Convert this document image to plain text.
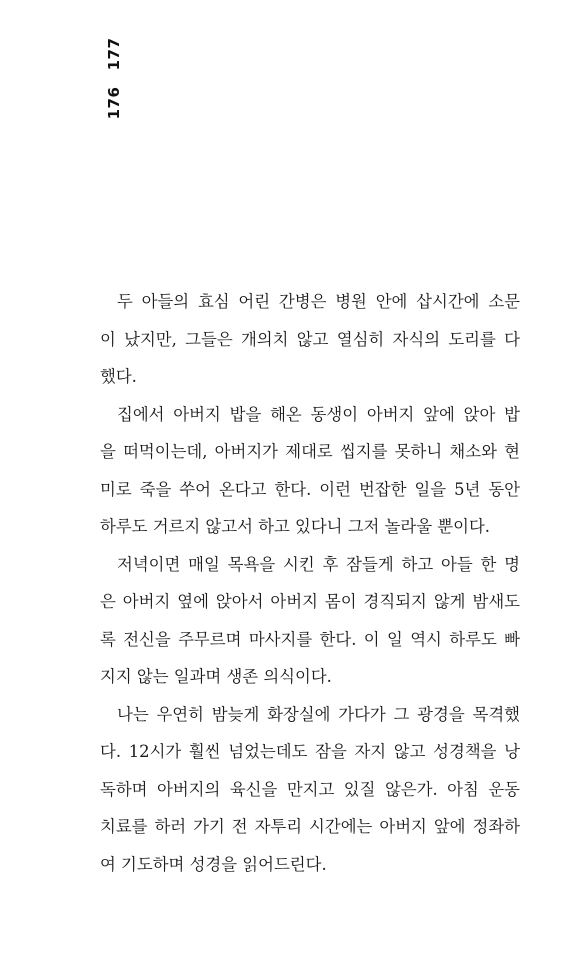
177
176

두 아들의 효심 어린 간병은 병원 안에 삽시간에 소문
이 났지만, 그들은 개의치 않고 열심히 자식의 도리를 다
했다.

집에서 아버지 밥을 해온 동생이 아버지 앞에 앉아 밥
을 떠먹이는데, 아버지가 제대로 씹지를 못하니 채소와 현
미로 죽을 쑤어 온다고 한다. 이런 번잡한 일을 5년 동안
하루도 거르지 않고서 하고 있다니 그저 놀라울 뿐이다.

저녁이면 매일 목욕을 시킨 후 잠들게 하고 아들 한 명
은 아버지 옆에 앉아서 아버지 몸이 경직되지 않게 밤새도
록 전신을 주무르며 마사지를 한다. 이 일 역시 하루도 빠
지지 않는 일과며 생존 의식이다.

나는 우연히 밤늦게 화장실에 가다가 그 광경을 목격했
다. 12시가 훨씬 넘었는데도 잠을 자지 않고 성경책을 낭
독하며 아버지의 육신을 만지고 있질 않은가. 아침 운동
치료를 하러 가기 전 자투리 시간에는 아버지 앞에 정좌하
여 기도하며 성경을 읽어드린다.
